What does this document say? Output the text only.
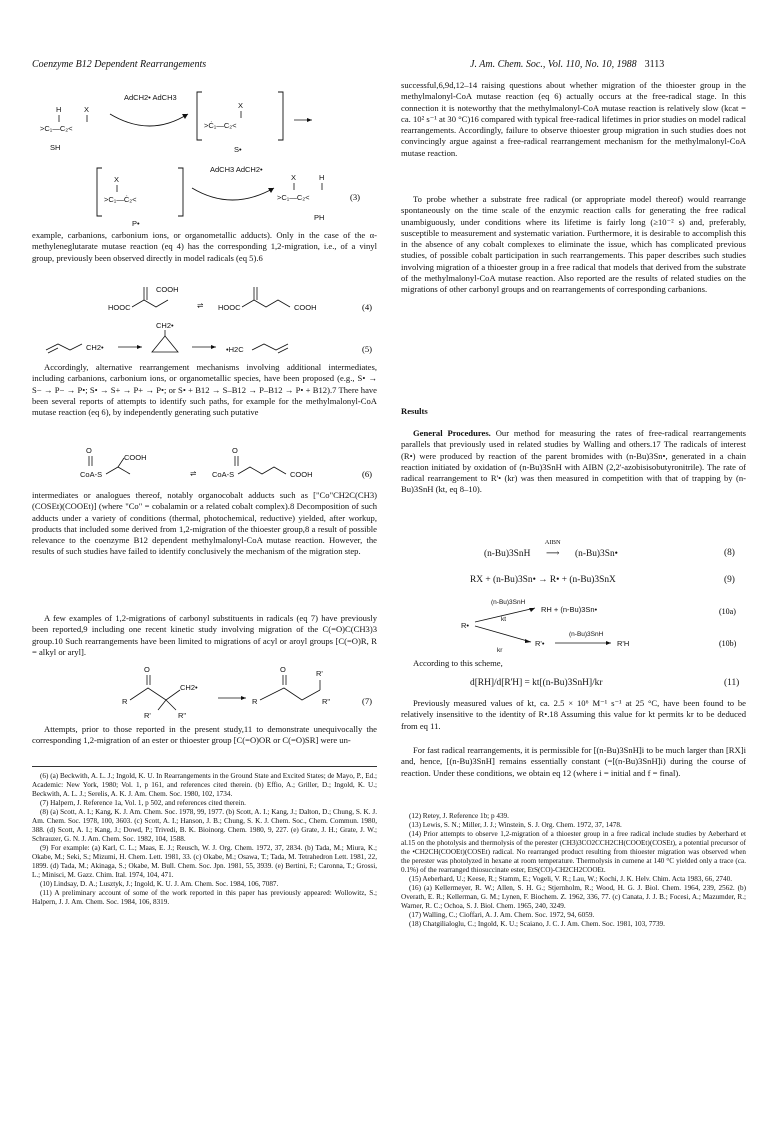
Coenzyme B12 Dependent Rearrangements	J. Am. Chem. Soc., Vol. 110, No. 10, 1988 3113
H	X
>C₁—C₂<
SH
AdCH2• AdCH3
X
>Ċ₁—C₂<
S•
X
>C₁—Ċ₂<
P•
AdCH3 AdCH2•
X	H
>C₁—C₂<
PH
(3)

example, carbanions, carbonium ions, or organometallic adducts). Only in the case of the α-methyleneglutarate mutase reaction (eq 4) has the corresponding 1,2-migration, i.e., of a vinyl group, previously been observed directly in model radicals (eq 5).6

HOOC
COOH
⇌ HOOC	COOH	(4)
CH2•
CH2•
•H2C	(5)

Accordingly, alternative rearrangement mechanisms involving additional intermediates, including carbanions, carbonium ions, or organometallic species, have been proposed (e.g., S• → S− → P− → P•; S• → S+ → P+ → P•; or S• + B12 → S–B12 → P–B12 → P• + B12).7 There have been several reports of attempts to identify such paths, for example for the methylmalonyl-CoA mutase reaction (eq 6), by independently generating such putative

O
CoA-S
COOH
⇌
O
CoA-S	COOH	(6)

intermediates or analogues thereof, notably organocobalt adducts such as ["Co"CH2C(CH3)(COSEt)(COOEt)] (where "Co" = cobalamin or a related cobalt complex).8 Decomposition of such adducts under a variety of conditions (thermal, photochemical, reductive) yielded, after workup, products that included some derived from 1,2-migration of the thioester group,8 a result of possible relevance to the coenzyme B12 dependent methylmalonyl-CoA mutase reaction. However, the results of such studies have failed to identify conclusively the mechanism of the migration step.

A few examples of 1,2-migrations of carbonyl substituents in radicals (eq 7) have previously been reported,9 including one recent kinetic study involving migration of the C(=O)C(CH3)3 group.10 Such rearrangements have been limited to migrations of acyl or aroyl groups [C(=O)R, R = alkyl or aryl].

O
R
CH2•
R'	R"
O
R
R'
R"	(7)

Attempts, prior to those reported in the present study,11 to demonstrate unequivocally the corresponding 1,2-migration of an ester or thioester group [C(=O)OR or C(=O)SR] were un-

(6) (a) Beckwith, A. L. J.; Ingold, K. U. In Rearrangements in the Ground State and Excited States; de Mayo, P., Ed.; Academic: New York, 1980; Vol. 1, p 161, and references cited therein. (b) Effio, A.; Griller, D.; Ingold, K. U.; Beckwith, A. L. J.; Serelis, A. K. J. Am. Chem. Soc. 1980, 102, 1734.

(7) Halpern, J. Reference 1a, Vol. 1, p 502, and references cited therein.

(8) (a) Scott, A. I.; Kang, K. J. Am. Chem. Soc. 1978, 99, 1977. (b) Scott, A. I.; Kang, J.; Dalton, D.; Chung, S. K. J. Am. Chem. Soc. 1978, 100, 3603. (c) Scott, A. I.; Hanson, J. B.; Chung, S. K. J. Chem. Soc., Chem. Commun. 1980, 388. (d) Scott, A. I.; Kang, J.; Dowd, P.; Trivedi, B. K. Bioinorg. Chem. 1980, 9, 227. (e) Grate, J. H.; Grate, J. W.; Schrauzer, G. N. J. Am. Chem. Soc. 1982, 104, 1588.

(9) For example: (a) Karl, C. L.; Maas, E. J.; Reusch, W. J. Org. Chem. 1972, 37, 2834. (b) Tada, M.; Miura, K.; Okabe, M.; Seki, S.; Mizumi, H. Chem. Lett. 1981, 33. (c) Okabe, M.; Osawa, T.; Tada, M. Tetrahedron Lett. 1981, 22, 1899. (d) Tada, M.; Akinaga, S.; Okabe, M. Bull. Chem. Soc. Jpn. 1981, 55, 3939. (e) Bertini, F.; Caronna, T.; Grossi, L.; Minisci, M. Gazz. Chim. Ital. 1974, 104, 471.

(10) Lindsay, D. A.; Lusztyk, J.; Ingold, K. U. J. Am. Chem. Soc. 1984, 106, 7087.

(11) A preliminary account of some of the work reported in this paper has previously appeared: Wollowitz, S.; Halpern, J. J. Am. Chem. Soc. 1984, 106, 8319.

successful,6,9d,12–14 raising questions about whether migration of the thioester group in the methylmalonyl-CoA mutase reaction (eq 6) actually occurs at the free-radical stage. In this connection it is noteworthy that the methylmalonyl-CoA mutase reaction is relatively slow (kcat = ca. 10² s⁻¹ at 30 °C)16 compared with typical free-radical lifetimes in prior studies on model radical rearrangements. Accordingly, failure to observe thioester group migration in such studies does not convincingly argue against a free-radical rearrangement mechanism for the methylmalonyl-CoA mutase reaction.

To probe whether a substrate free radical (or appropriate model thereof) would rearrange spontaneously on the time scale of the enzymic reaction calls for generating the free radical unambiguously, under conditions where its lifetime is fairly long (≥10⁻² s) and, preferably, susceptible to measurement and systematic variation. Furthermore, it is desirable to accomplish this in the absence of any cobalt complexes to eliminate the issue, which has complicated previous studies, of possible cobalt participation in such rearrangements. This paper describes such studies involving migration of a thioester group in a free radical that models that derived from the substrate of the methylmalonyl-CoA mutase reaction. Also reported are the results of related studies on the migrations of other carbonyl groups and on rearrangements of corresponding carbanions.

Results

General Procedures. Our method for measuring the rates of free-radical rearrangements parallels that previously used in related studies by Walling and others.17 The radicals of interest (R•) were produced by reaction of the parent bromides with (n-Bu)3Sn•, generated in a chain reaction initiated by oxidation of (n-Bu)3SnH with AIBN (2,2'-azobisisobutyronitrile). The rate of radical rearrangement to R'• (kr) was then measured in competition with that of trapping by (n-Bu)3SnH (kt, eq 8–10).

(n-Bu)3SnH
AIBN
⟶ (n-Bu)3Sn•	(8)
RX + (n-Bu)3Sn• → R• + (n-Bu)3SnX	(9)
(n-Bu)3SnH
RH + (n-Bu)3Sn•
kt
R•
kr
R'•
(n-Bu)3SnH
R'H
(10a)
(10b)

According to this scheme,

d[RH]/d[R'H] = kt[(n-Bu)3SnH]/kr	(11)

Previously measured values of kt, ca. 2.5 × 10⁶ M⁻¹ s⁻¹ at 25 °C, have been found to be relatively insensitive to the identity of R•.18 Assuming this value for kt permits kr to be deduced from eq 11.

For fast radical rearrangements, it is permissible for [(n-Bu)3SnH]i to be much larger than [RX]i and, hence, [(n-Bu)3SnH] remains essentially constant (=[(n-Bu)3SnH]i) during the course of reaction. Under these conditions, we obtain eq 12 (where i = initial and f = final).

(12) Retey, J. Reference 1b; p 439.

(13) Lewis, S. N.; Miller, J. J.; Winstein, S. J. Org. Chem. 1972, 37, 1478.

(14) Prior attempts to observe 1,2-migration of a thioester group in a free radical include studies by Aeberhard et al.15 on the photolysis and thermolysis of the perester (CH3)3CO2CCH2CH(COOEt)(COSEt), a potential precursor of the •CH2CH(COOEt)(COSEt) radical. No rearranged product resulting from thioester migration was observed when the perester was photolyzed in hexane at room temperature. Thermolysis in cumene at 140 °C yielded only a trace (ca. 0.1%) of the rearranged thiosuccinate ester, EtS(CO)-CH2CH2COOEt.

(15) Aeberhard, U.; Keese, R.; Stamm, E.; Vogeli, V. R.; Lau, W.; Kochi, J. K. Helv. Chim. Acta 1983, 66, 2740.

(16) (a) Kellermeyer, R. W.; Allen, S. H. G.; Stjernholm, R.; Wood, H. G. J. Biol. Chem. 1964, 239, 2562. (b) Overath, E. R.; Kellerman, G. M.; Lynen, F. Biochem. Z. 1962, 336, 77. (c) Canata, J. J. B.; Focesi, A.; Mazumder, R.; Warner, R. C.; Ochoa, S. J. Biol. Chem. 1965, 240, 3249.

(17) Walling, C.; Cioffari, A. J. Am. Chem. Soc. 1972, 94, 6059.

(18) Chatgilialoglu, C.; Ingold, K. U.; Scaiano, J. C. J. Am. Chem. Soc. 1981, 103, 7739.
